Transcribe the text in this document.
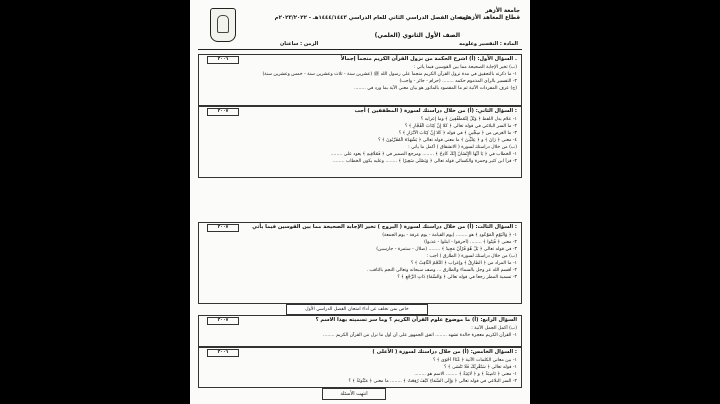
جامعة الأزهر
قطاع المعاهد الأزهرية
امتحان الفصل الدراسي الثاني للعام الدراسي ١٤٤٤/١٤٤٣هـ - ٢٠٢٣/٢٠٢٢م
الصف الأول الثانوي (العلمي)
المادة : التفسير وعلومه
الزمن : ساعتان
السؤال الأول: (أ) اشرح الحكمة من نزول القرآن الكريم منجماً إجمالاً .
٢٠٠٦
(ب) تخير الإجابة الصحيحة مما بين القوسين فيما يأتي :
١- ما ذكرته بالتحقيق في مدة نزول القرآن الكريم منجماً على رسول الله ﷺ (عشرين سنة - ثلاث وعشرين سنة - خمس وعشرين سنة)
٢- التفسير بالرأي المذموم حكمه ........ (حرام - جائز - واجب)
(ج) عرف المفردات الآتية ثم ما المقصود بالمأثور هو بيان معنى الآية بما ورد في ........
السؤال الثاني: (أ) من خلال دراستك لسورة ( المطففين ) أجب :
٢٠٠٧
١- علام يدل اللفظ ﴿ وَيْلٌ لِلْمُطَفِّفِينَ ﴾ وما إعرابه ؟
٢- ما السر البلاغي في قوله تعالى ﴿ كَلَّا إِنَّ كِتَابَ الْفُجَّارِ ﴾ ؟
٣- ما الغرض من ﴿ سِجِّينٍ ﴾ في قوله ﴿ كَلَّا إِنَّ كِتَابَ الْأَبْرَارِ ﴾ ؟
٤- معنى ﴿ رَانَ ﴾ و ﴿ عِلِّيِّينَ ﴾ ما معنى قوله تعالى ﴿ يَشْهَدُهُ الْمُقَرَّبُونَ ﴾ ؟
(ب) من خلال دراستك لسورة ( الانشقاق ) أكمل ما يأتي :
١- الخطاب في ﴿ يَا أَيُّهَا الْإِنْسَانُ إِنَّكَ كَادِحٌ ﴾ ........ ومرجع الضمير في ﴿ فَمُلَاقِيهِ ﴾ يعود على ........
٢- قرأ ابن كثير وحمزة والكسائي قوله تعالى ﴿ وَيَصْلَى سَعِيرًا ﴾ ........ وعليه يكون الخطاب ........
السؤال الثالث: (أ) من خلال دراستك لسورة ( البروج ) تخير الإجابة الصحيحة مما بين القوسين فيما يأتي :
٢٠٠٧
١- ﴿ وَالْيَوْمِ الْمَوْعُودِ ﴾ هو ........ (يوم القيامة - يوم عرفة - يوم الجمعة)
٢- معنى ﴿ فُتِنُوا ﴾ ........ (أحرقوا - ابتلوا - عذبوا)
٣- في قوله تعالى ﴿ بَلْ هُوَ قُرْآنٌ مَجِيدٌ ﴾ ........ (ضلال - ستمرة - جارسين)
(ب) من خلال دراستك لسورة ( الطارق ) أجب :
١- ما المراد من ﴿ الطَّارِقُ ﴾ وإعراب ﴿ النَّجْمُ الثَّاقِبُ ﴾ ؟
٢- أقسم الله عز وجل بالسماء والطارق ... وصف سبحانه وتعالى النجم بالثاقب .
٣- تسمية المطر رجعاً في قوله تعالى ﴿ وَالسَّمَاءِ ذَاتِ الرَّجْعِ ﴾ ؟
خاص بمن تخلف عن أداء امتحان الفصل الدراسي الأول
السؤال الرابع: (أ) ما موضوع علوم القرآن الكريم ؟ وما سر تسميته بهذا الاسم ؟
٢٠٠٧
(ب) أكمل الجمل الآتية :
١- القرآن الكريم معجزة خالدة تشهد ........ اتفق الجمهور على أن أول ما نزل من القرآن الكريم ........
السؤال الخامس: (أ) من خلال دراستك لسورة ( الأعلى ) :
٢٠٠٦
١- بين معاني الكلمات الآتية ﴿ غُثَاءً أَحْوَى ﴾ ؟
١- قوله تعالى ﴿ سَنُقْرِئُكَ فَلَا تَنْسَى ﴾ ؟
١- معنى ﴿ نَاصِبَةٌ ﴾ و ﴿ لَاغِيَةً ﴾ ........ الاسم هو ........
٢- السر البلاغي في قوله تعالى ﴿ وَإِلَى السَّمَاءِ كَيْفَ رُفِعَتْ ﴾ ........ ما معنى ﴿ مَبْثُوثَةٌ ﴾ ؟
انتهت الأسئلة
